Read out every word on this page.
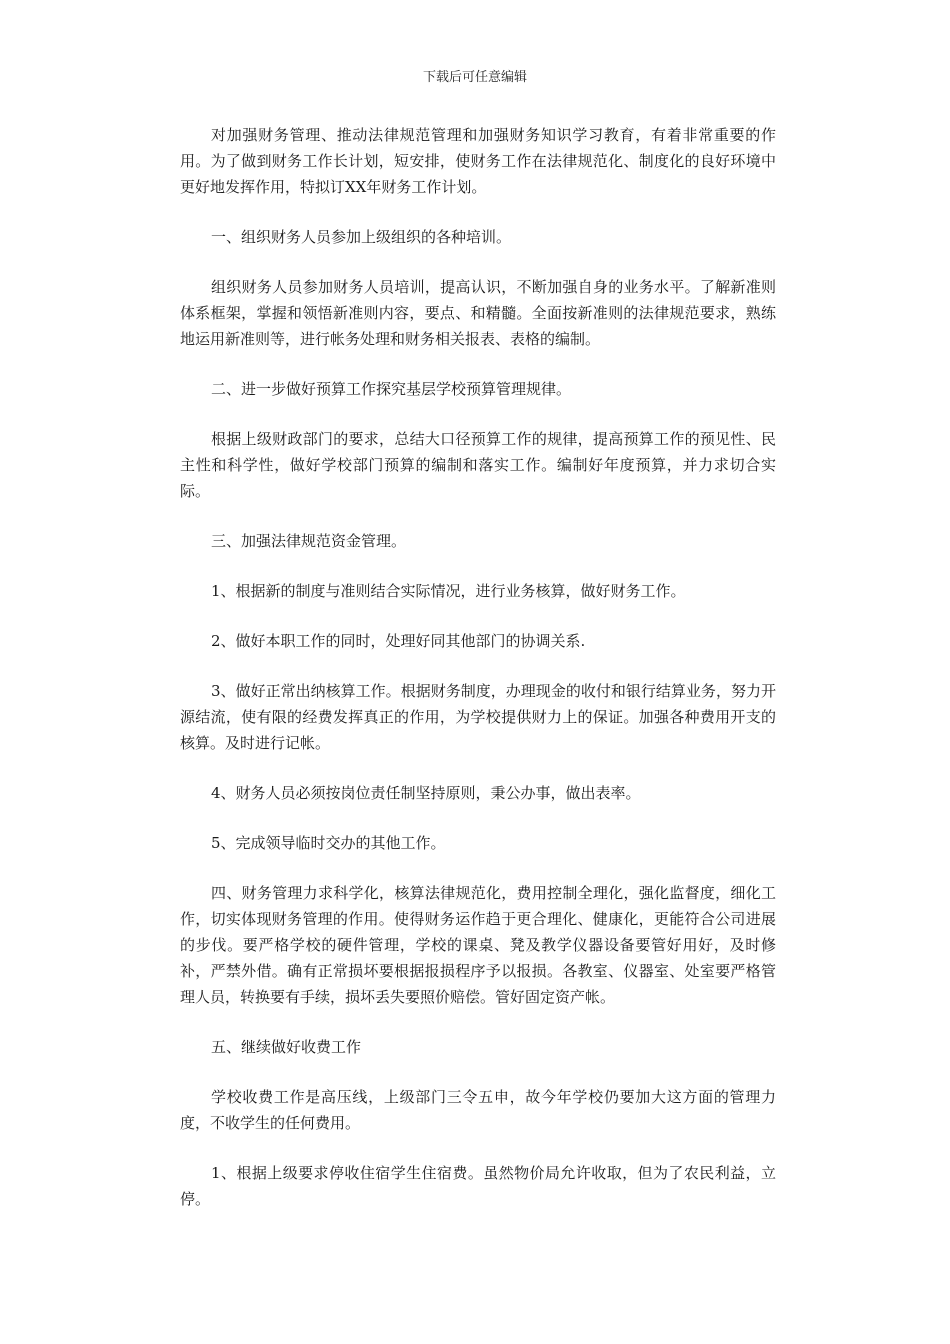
下载后可任意编辑

对加强财务管理、推动法律规范管理和加强财务知识学习教育，有着非常重要的作用。为了做到财务工作长计划，短安排，使财务工作在法律规范化、制度化的良好环境中更好地发挥作用，特拟订XX年财务工作计划。

一、组织财务人员参加上级组织的各种培训。

组织财务人员参加财务人员培训，提高认识，不断加强自身的业务水平。了解新准则体系框架，掌握和领悟新准则内容，要点、和精髓。全面按新准则的法律规范要求，熟练地运用新准则等，进行帐务处理和财务相关报表、表格的编制。

二、进一步做好预算工作探究基层学校预算管理规律。

根据上级财政部门的要求，总结大口径预算工作的规律，提高预算工作的预见性、民主性和科学性，做好学校部门预算的编制和落实工作。编制好年度预算，并力求切合实际。

三、加强法律规范资金管理。

1、根据新的制度与准则结合实际情况，进行业务核算，做好财务工作。

2、做好本职工作的同时，处理好同其他部门的协调关系.

3、做好正常出纳核算工作。根据财务制度，办理现金的收付和银行结算业务，努力开源结流，使有限的经费发挥真正的作用，为学校提供财力上的保证。加强各种费用开支的核算。及时进行记帐。

4、财务人员必须按岗位责任制坚持原则，秉公办事，做出表率。

5、完成领导临时交办的其他工作。

四、财务管理力求科学化，核算法律规范化，费用控制全理化，强化监督度，细化工作，切实体现财务管理的作用。使得财务运作趋于更合理化、健康化，更能符合公司进展的步伐。要严格学校的硬件管理，学校的课桌、凳及教学仪器设备要管好用好，及时修补，严禁外借。确有正常损坏要根据报损程序予以报损。各教室、仪器室、处室要严格管理人员，转换要有手续，损坏丢失要照价赔偿。管好固定资产帐。

五、继续做好收费工作

学校收费工作是高压线，上级部门三令五申，故今年学校仍要加大这方面的管理力度，不收学生的任何费用。

1、根据上级要求停收住宿学生住宿费。虽然物价局允许收取，但为了农民利益，立停。
